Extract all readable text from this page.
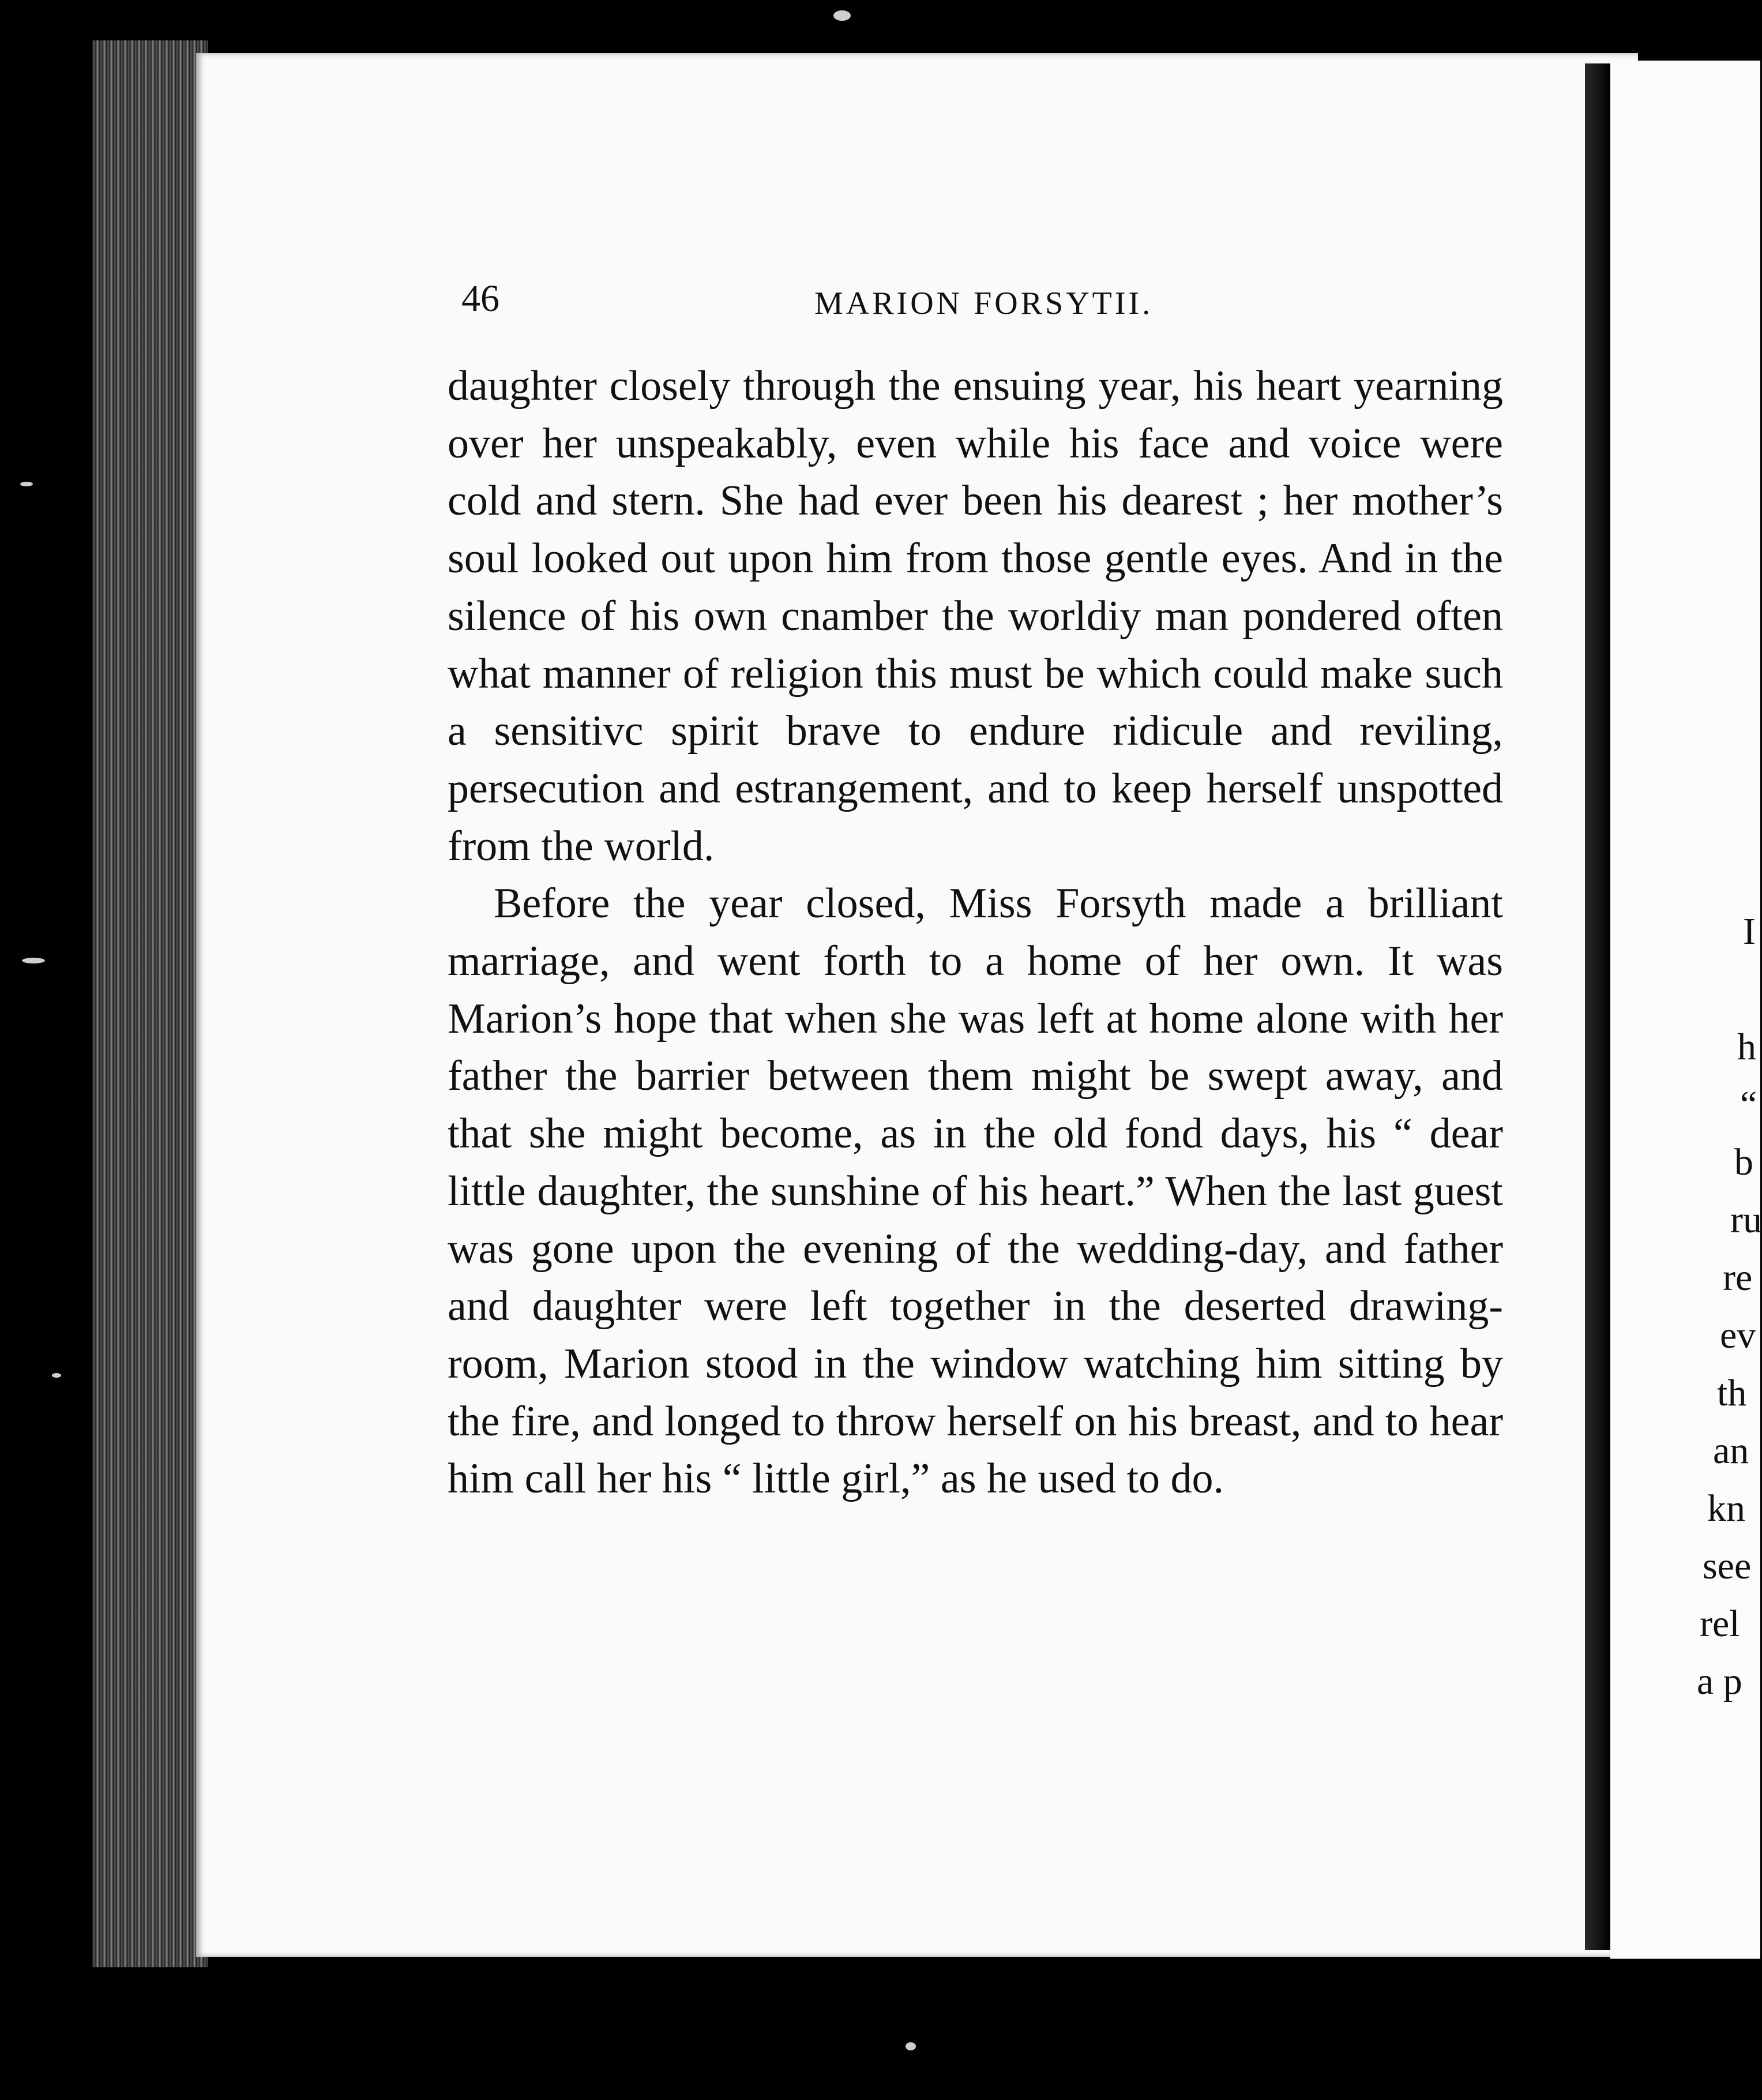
46	MARION FORSYTII.

daughter closely through the ensuing year, his heart yearning over her unspeakably, even while his face and voice were cold and stern. She had ever been his dearest ; her mother’s soul looked out upon him from those gentle eyes. And in the silence of his own cnamber the worldiy man pondered often what manner of religion this must be which could make such a sensitivc spirit brave to endure ridicule and reviling, persecution and estrangement, and to keep herself unspotted from the world.

Before the year closed, Miss Forsyth made a brilliant marriage, and went forth to a home of her own. It was Marion’s hope that when she was left at home alone with her father the barrier between them might be swept away, and that she might become, as in the old fond days, his “ dear little daughter, the sunshine of his heart.” When the last guest was gone upon the evening of the wedding-day, and father and daughter were left together in the deserted drawing-room, Marion stood in the window watching him sitting by the fire, and longed to throw herself on his breast, and to hear him call her his “ little girl,” as he used to do.

I
h
“
b
ru
re
ev
th
an
kn
see
rel
a p
